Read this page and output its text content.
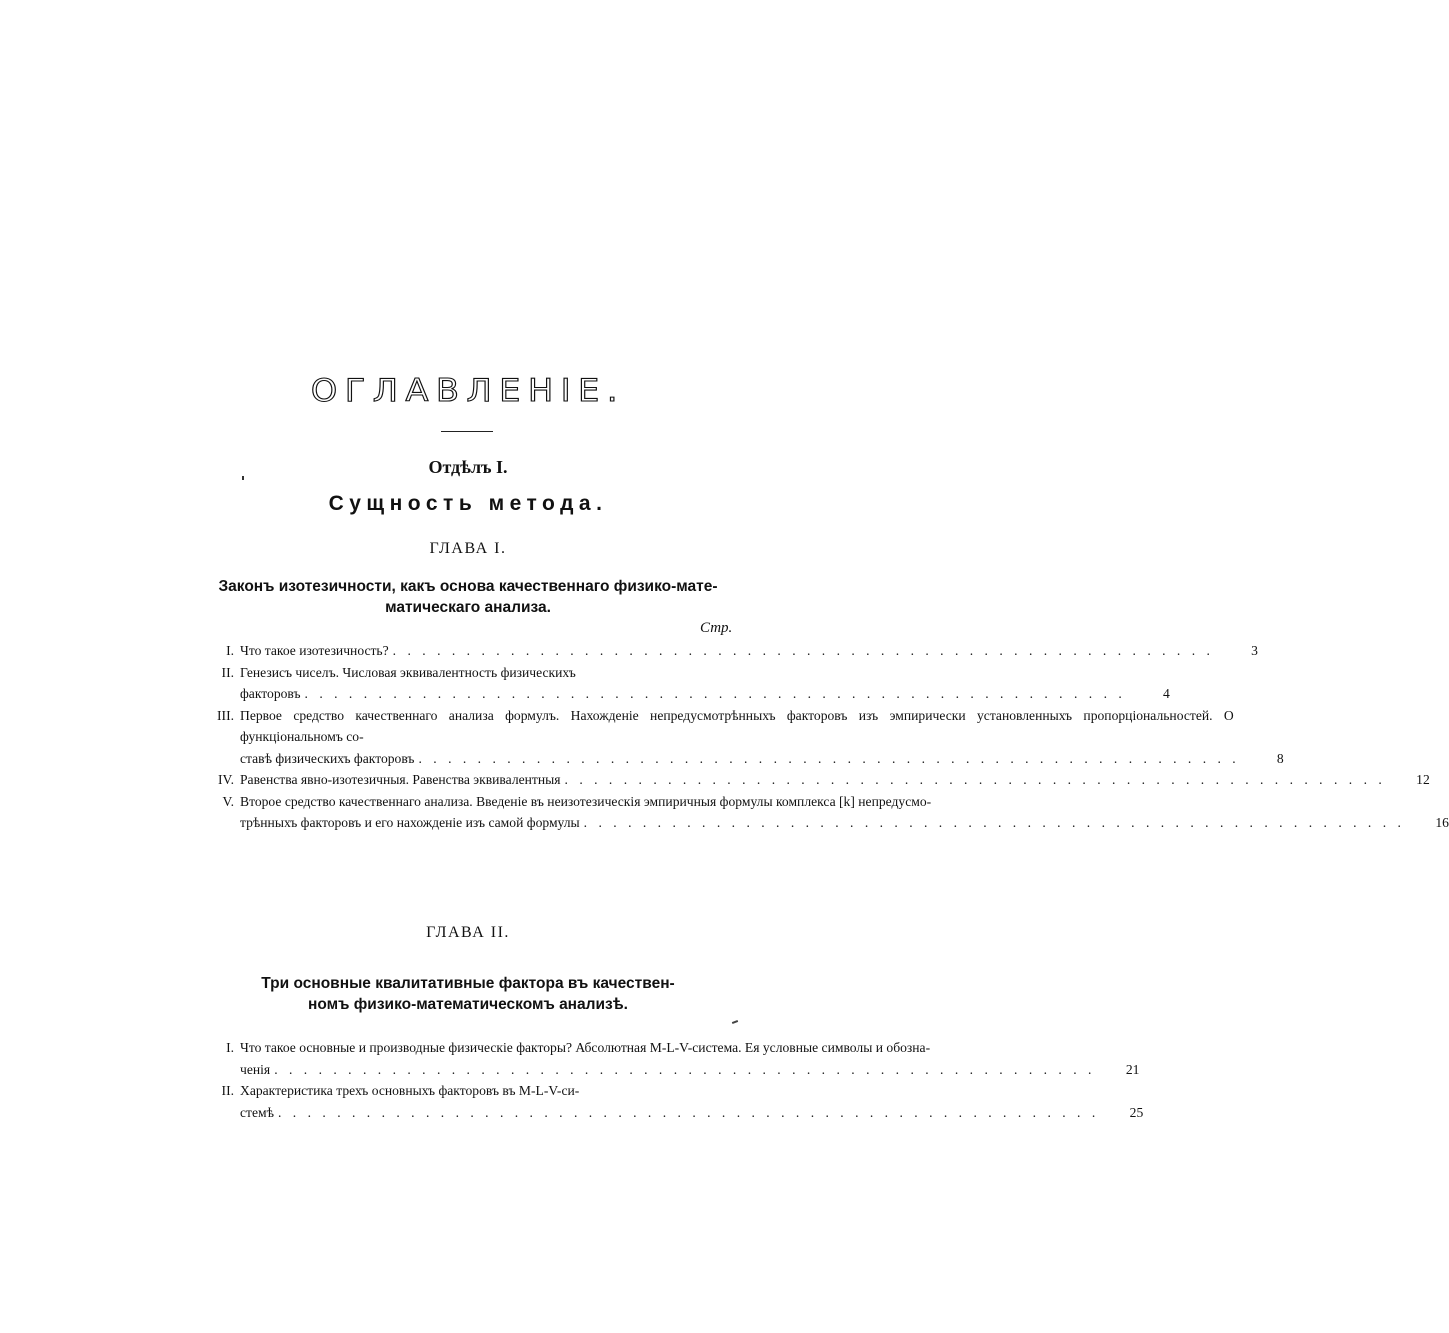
ОГЛАВЛЕНІЕ.
Отдѣлъ I.
Сущность метода.
ГЛАВА I.
Законъ изотезичности, какъ основа качественнаго физико-мате-
матическаго анализа.
Стр.
I. Что такое изотезичность? . . .	3
II. Генезисъ чиселъ. Числовая эквивалентность физическихъ
факторовъ . . .	4
III. Первое средство качественнаго анализа формулъ. Нахожденіе непредусмотрѣнныхъ факторовъ изъ эмпирически установленныхъ пропорціональностей. О функціональномъ со-
ставѣ физическихъ факторовъ . . .	8
IV. Равенства явно-изотезичныя. Равенства эквивалентныя . . .	12
V. Второе средство качественнаго анализа. Введеніе въ неизотезическія эмпиричныя формулы комплекса [k] непредусмо-
трѣнныхъ факторовъ и его нахожденіе изъ самой формулы . . .	16
ГЛАВА II.
Три основные квалитативные фактора въ качествен-
номъ физико-математическомъ анализѣ.
I. Что такое основные и производные физическіе факторы? Абсолютная M-L-V-система. Ея условные символы и обозна-
ченія . . .	21
II. Характеристика трехъ основныхъ факторовъ въ M-L-V-си-
стемѣ . . .	25
